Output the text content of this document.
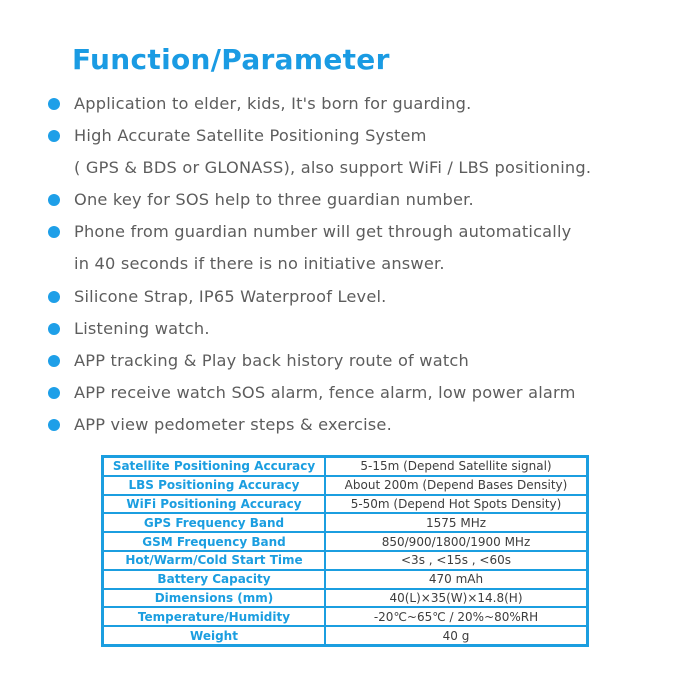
Function/Parameter
Application to elder, kids, It's born for guarding.
High Accurate Satellite Positioning System
( GPS & BDS or GLONASS), also support WiFi / LBS positioning.
One key for SOS help to three guardian number.
Phone from guardian number will get through automatically
in 40 seconds if there is no initiative answer.
Silicone Strap, IP65 Waterproof Level.
Listening watch.
APP tracking & Play back history route of watch
APP receive watch SOS alarm, fence alarm, low power alarm
APP view pedometer steps & exercise.
Satellite Positioning Accuracy	5-15m (Depend Satellite signal)
LBS Positioning Accuracy	About 200m (Depend Bases Density)
WiFi Positioning Accuracy	5-50m (Depend Hot Spots Density)
GPS Frequency Band	1575 MHz
GSM Frequency Band	850/900/1800/1900 MHz
Hot/Warm/Cold Start Time	<3s , <15s , <60s
Battery Capacity	470 mAh
Dimensions (mm)	40(L)×35(W)×14.8(H)
Temperature/Humidity	-20℃~65℃ / 20%~80%RH
Weight	40 g
